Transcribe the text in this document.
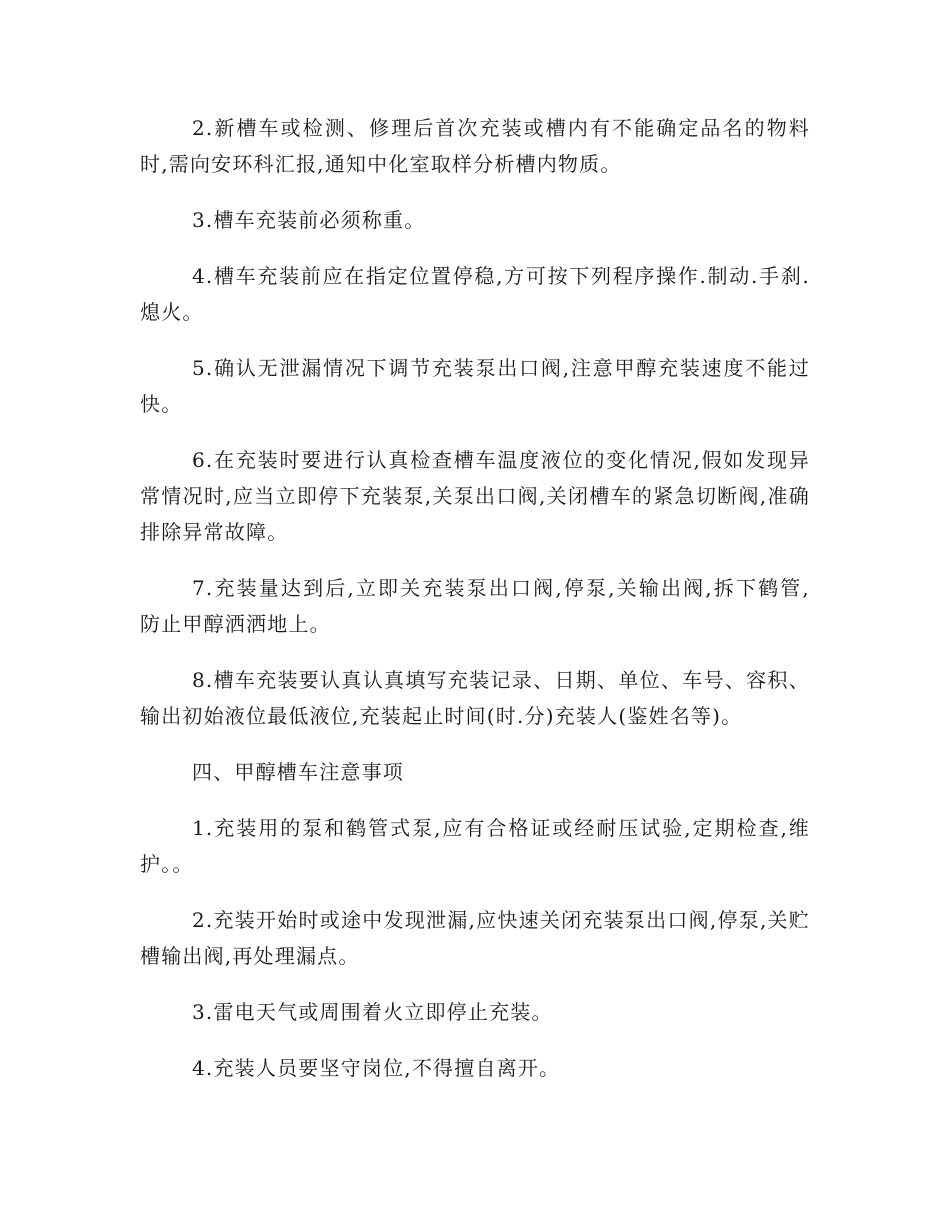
2.新槽车或检测、修理后首次充装或槽内有不能确定品名的物料时,需向安环科汇报,通知中化室取样分析槽内物质。

3.槽车充装前必须称重。

4.槽车充装前应在指定位置停稳,方可按下列程序操作.制动.手刹.熄火。

5.确认无泄漏情况下调节充装泵出口阀,注意甲醇充装速度不能过快。

6.在充装时要进行认真检查槽车温度液位的变化情况,假如发现异常情况时,应当立即停下充装泵,关泵出口阀,关闭槽车的紧急切断阀,准确排除异常故障。

7.充装量达到后,立即关充装泵出口阀,停泵,关输出阀,拆下鹤管, 防止甲醇洒洒地上。

8.槽车充装要认真认真填写充装记录、日期、单位、车号、容积、输出初始液位最低液位,充装起止时间(时.分)充装人(鉴姓名等)。

四、甲醇槽车注意事项

1.充装用的泵和鹤管式泵,应有合格证或经耐压试验,定期检查,维护。。

2.充装开始时或途中发现泄漏,应快速关闭充装泵出口阀,停泵,关贮槽输出阀,再处理漏点。

3.雷电天气或周围着火立即停止充装。

4.充装人员要坚守岗位,不得擅自离开。
